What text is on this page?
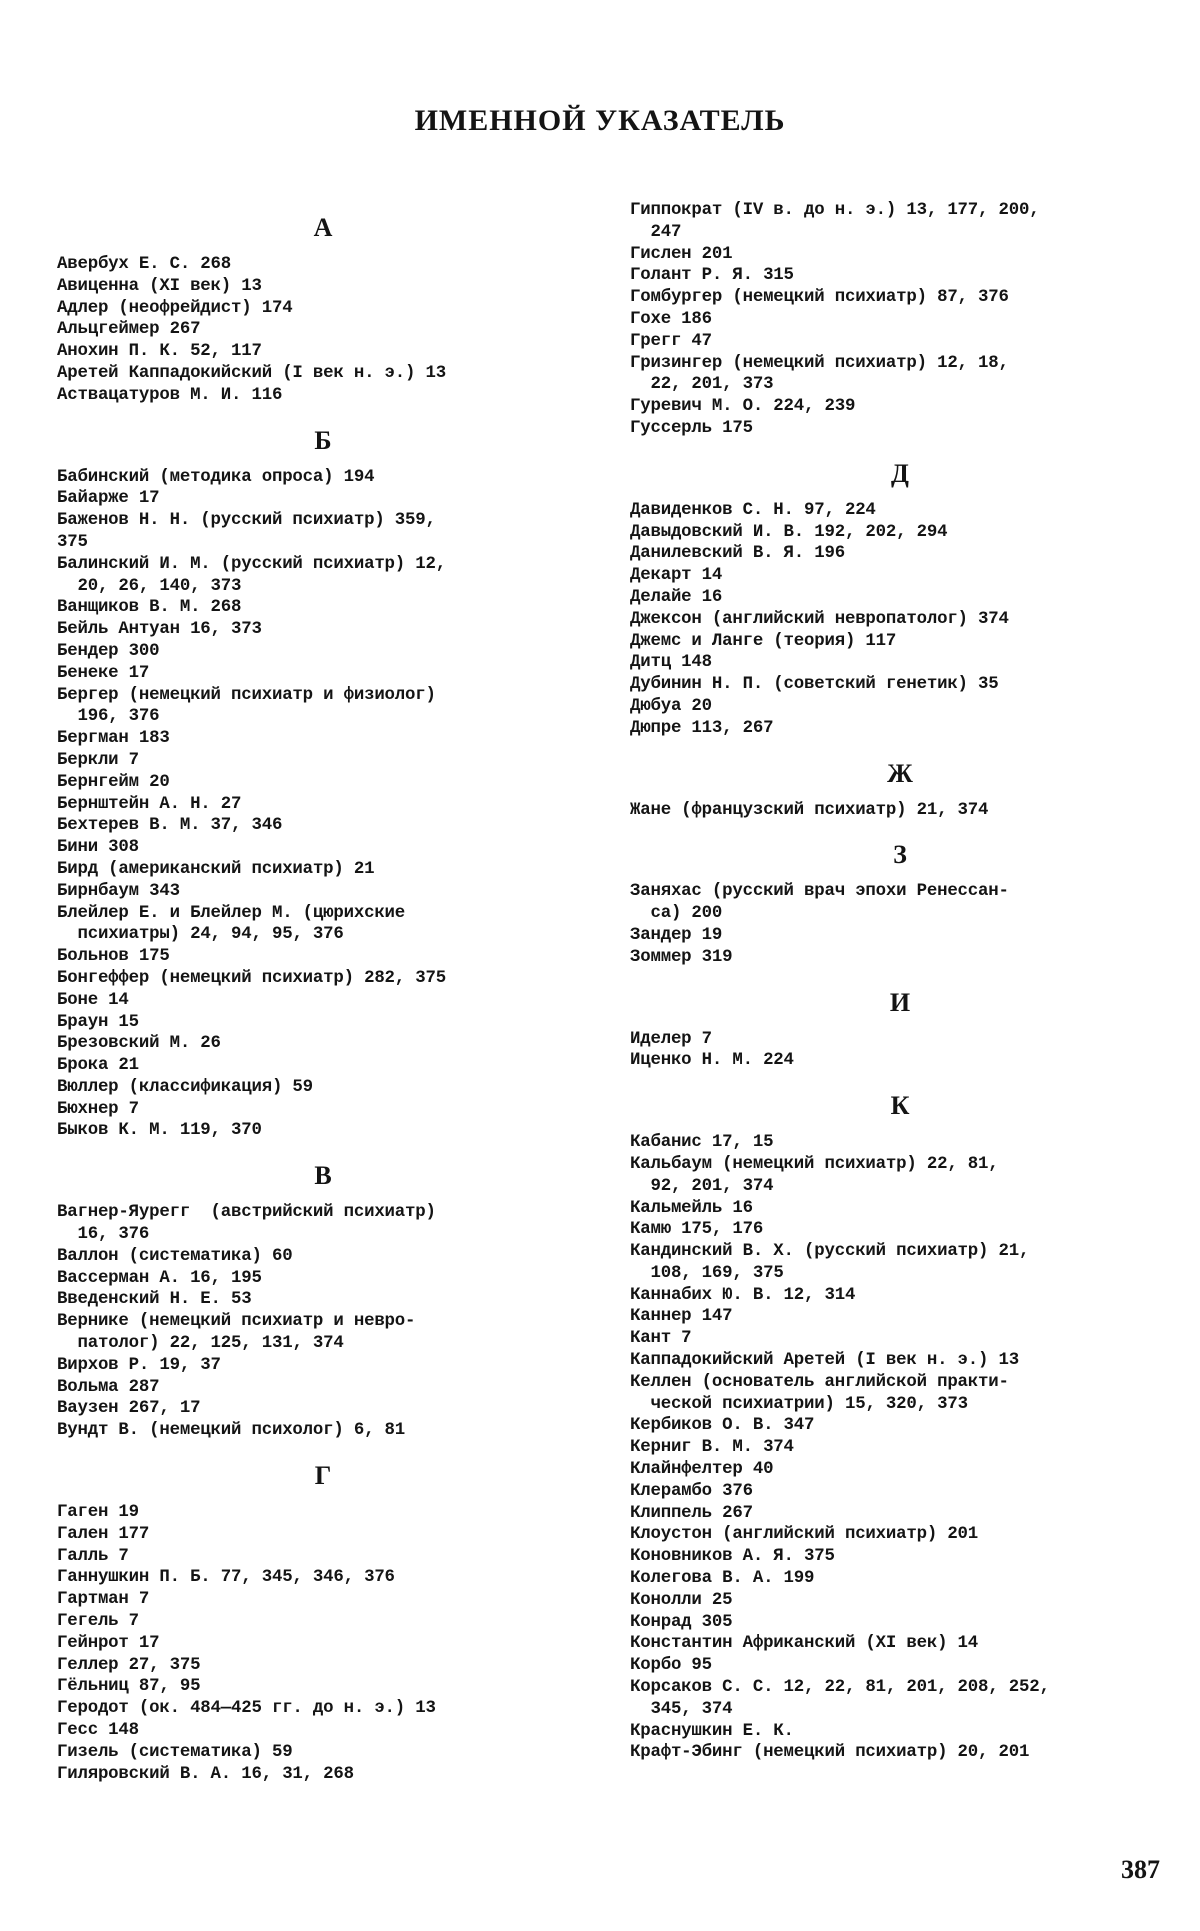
ИМЕННОЙ УКАЗАТЕЛЬ
А
Авербух Е. С. 268
Авиценна (XI век) 13
Адлер (неофрейдист) 174
Альцгеймер 267
Анохин П. К. 52, 117
Аретей Каппадокийский (I век н. э.) 13
Аствацатуров М. И. 116
Б
Бабинский (методика опроса) 194
Байарже 17
Баженов Н. Н. (русский психиатр) 359,
375
Балинский И. М. (русский психиатр) 12,
20, 26, 140, 373
Ванщиков В. М. 268
Бейль Антуан 16, 373
Бендер 300
Бенеке 17
Бергер (немецкий психиатр и физиолог)
196, 376
Бергман 183
Беркли 7
Бернгейм 20
Бернштейн А. Н. 27
Бехтерев В. М. 37, 346
Бини 308
Бирд (американский психиатр) 21
Бирнбаум 343
Блейлер Е. и Блейлер М. (цюрихские
психиатры) 24, 94, 95, 376
Больнов 175
Бонгеффер (немецкий психиатр) 282, 375
Боне 14
Браун 15
Брезовский М. 26
Брока 21
Вюллер (классификация) 59
Бюхнер 7
Быков К. М. 119, 370
В
Вагнер-Яурегг  (австрийский психиатр)
16, 376
Валлон (систематика) 60
Вассерман А. 16, 195
Введенский Н. Е. 53
Вернике (немецкий психиатр и невро-
патолог) 22, 125, 131, 374
Вирхов Р. 19, 37
Вольма 287
Ваузен 267, 17
Вундт В. (немецкий психолог) 6, 81
Г
Гаген 19
Гален 177
Галль 7
Ганнушкин П. Б. 77, 345, 346, 376
Гартман 7
Гегель 7
Гейнрот 17
Геллер 27, 375
Гёльниц 87, 95
Геродот (ок. 484—425 гг. до н. э.) 13
Гесс 148
Гизель (систематика) 59
Гиляровский В. А. 16, 31, 268
Гиппократ (IV в. до н. э.) 13, 177, 200,
247
Гислен 201
Голант Р. Я. 315
Гомбургер (немецкий психиатр) 87, 376
Гохе 186
Грегг 47
Гризингер (немецкий психиатр) 12, 18,
22, 201, 373
Гуревич М. О. 224, 239
Гуссерль 175
Д
Давиденков С. Н. 97, 224
Давыдовский И. В. 192, 202, 294
Данилевский В. Я. 196
Декарт 14
Делайе 16
Джексон (английский невропатолог) 374
Джемс и Ланге (теория) 117
Дитц 148
Дубинин Н. П. (советский генетик) 35
Дюбуа 20
Дюпре 113, 267
Ж
Жане (французский психиатр) 21, 374
З
Заняхас (русский врач эпохи Ренессан-
са) 200
Зандер 19
Зоммер 319
И
Иделер 7
Иценко Н. М. 224
К
Кабанис 17, 15
Кальбаум (немецкий психиатр) 22, 81,
92, 201, 374
Кальмейль 16
Камю 175, 176
Кандинский В. Х. (русский психиатр) 21,
108, 169, 375
Каннабих Ю. В. 12, 314
Каннер 147
Кант 7
Каппадокийский Аретей (I век н. э.) 13
Келлен (основатель английской практи-
ческой психиатрии) 15, 320, 373
Кербиков О. В. 347
Керниг В. М. 374
Клайнфелтер 40
Клерамбо 376
Клиппель 267
Клоустон (английский психиатр) 201
Коновников А. Я. 375
Колегова В. А. 199
Конолли 25
Конрад 305
Константин Африканский (XI век) 14
Корбо 95
Корсаков С. С. 12, 22, 81, 201, 208, 252,
345, 374
Краснушкин Е. К.
Крафт-Эбинг (немецкий психиатр) 20, 201
387
